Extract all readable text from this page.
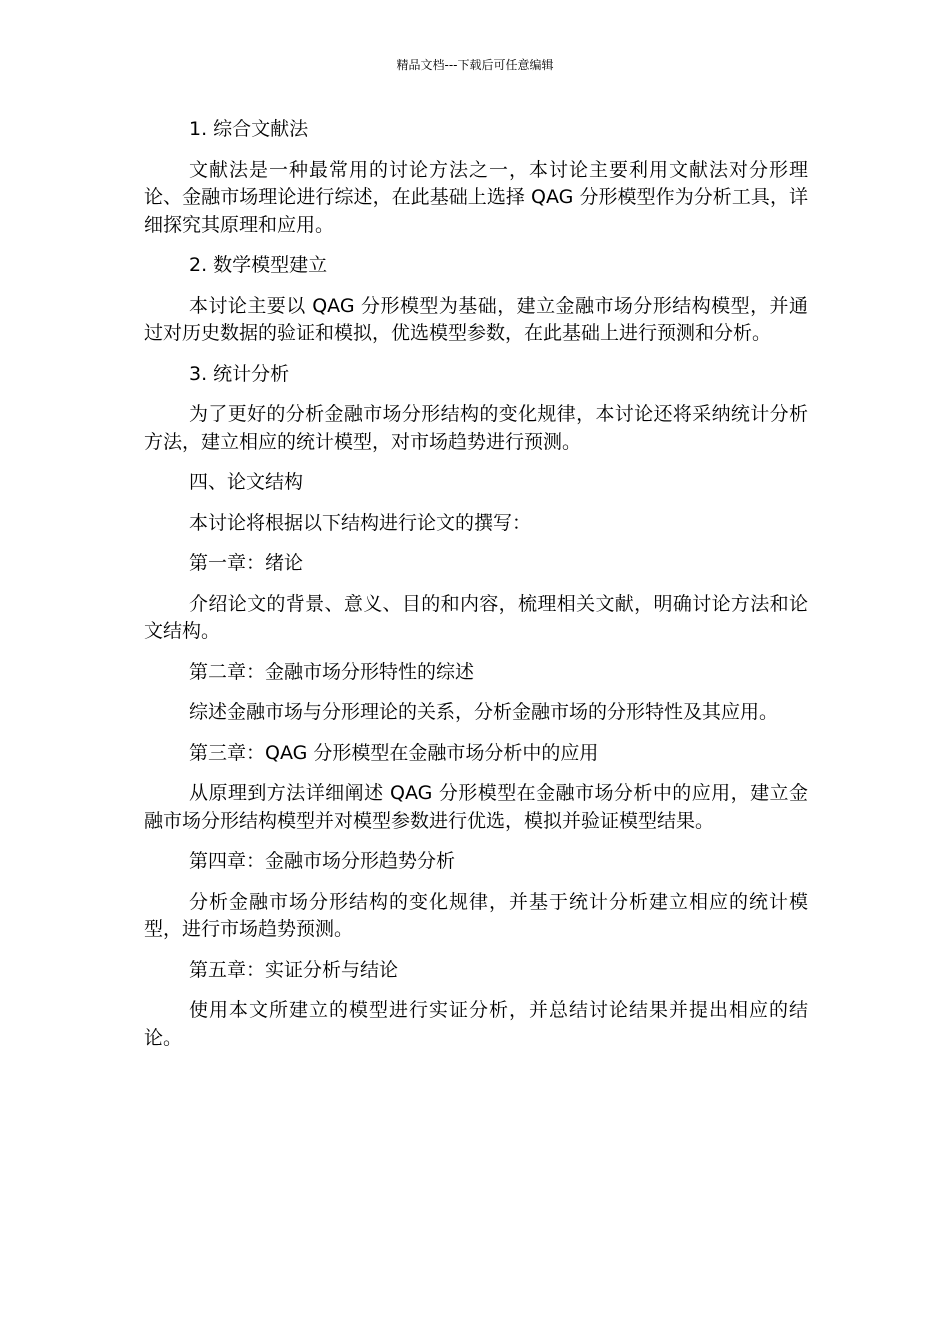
精品文档---下载后可任意编辑

1. 综合文献法

文献法是一种最常用的讨论方法之一，本讨论主要利用文献法对分形理论、金融市场理论进行综述，在此基础上选择 QAG 分形模型作为分析工具，详细探究其原理和应用。

2. 数学模型建立

本讨论主要以 QAG 分形模型为基础，建立金融市场分形结构模型，并通过对历史数据的验证和模拟，优选模型参数，在此基础上进行预测和分析。

3. 统计分析

为了更好的分析金融市场分形结构的变化规律，本讨论还将采纳统计分析方法，建立相应的统计模型，对市场趋势进行预测。

四、论文结构

本讨论将根据以下结构进行论文的撰写：

第一章：绪论

介绍论文的背景、意义、目的和内容，梳理相关文献，明确讨论方法和论文结构。

第二章：金融市场分形特性的综述

综述金融市场与分形理论的关系，分析金融市场的分形特性及其应用。

第三章：QAG 分形模型在金融市场分析中的应用

从原理到方法详细阐述 QAG 分形模型在金融市场分析中的应用，建立金融市场分形结构模型并对模型参数进行优选，模拟并验证模型结果。

第四章：金融市场分形趋势分析

分析金融市场分形结构的变化规律，并基于统计分析建立相应的统计模型，进行市场趋势预测。

第五章：实证分析与结论

使用本文所建立的模型进行实证分析，并总结讨论结果并提出相应的结论。
